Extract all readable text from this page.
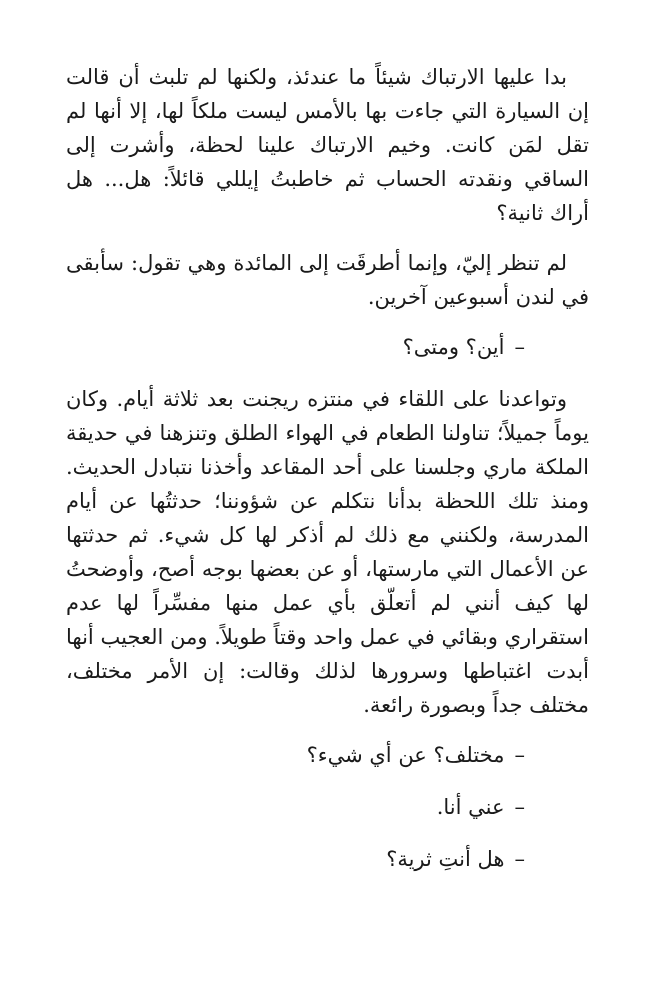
بدا عليها الارتباك شيئاً ما عندئذ، ولكنها لم تلبث أن قالت إن السيارة التي جاءت بها بالأمس ليست ملكاً لها، إلا أنها لم تقل لمَن كانت. وخيم الارتباك علينا لحظة، وأشرت إلى الساقي ونقدته الحساب ثم خاطبتُ إيللي قائلاً: هل... هل أراك ثانية؟

لم تنظر إليّ، وإنما أطرقَت إلى المائدة وهي تقول: سأبقى في لندن أسبوعين آخرين.

–أين؟ ومتى؟

وتواعدنا على اللقاء في منتزه ريجنت بعد ثلاثة أيام. وكان يوماً جميلاً؛ تناولنا الطعام في الهواء الطلق وتنزهنا في حديقة الملكة ماري وجلسنا على أحد المقاعد وأخذنا نتبادل الحديث. ومنذ تلك اللحظة بدأنا نتكلم عن شؤوننا؛ حدثتُها عن أيام المدرسة، ولكنني مع ذلك لم أذكر لها كل شيء. ثم حدثتها عن الأعمال التي مارستها، أو عن بعضها بوجه أصح، وأوضحتُ لها كيف أنني لم أتعلّق بأي عمل منها مفسِّراً لها عدم استقراري وبقائي في عمل واحد وقتاً طويلاً. ومن العجيب أنها أبدت اغتباطها وسرورها لذلك وقالت: إن الأمر مختلف، مختلف جداً وبصورة رائعة.

–مختلف؟ عن أي شيء؟

–عني أنا.

–هل أنتِ ثرية؟
